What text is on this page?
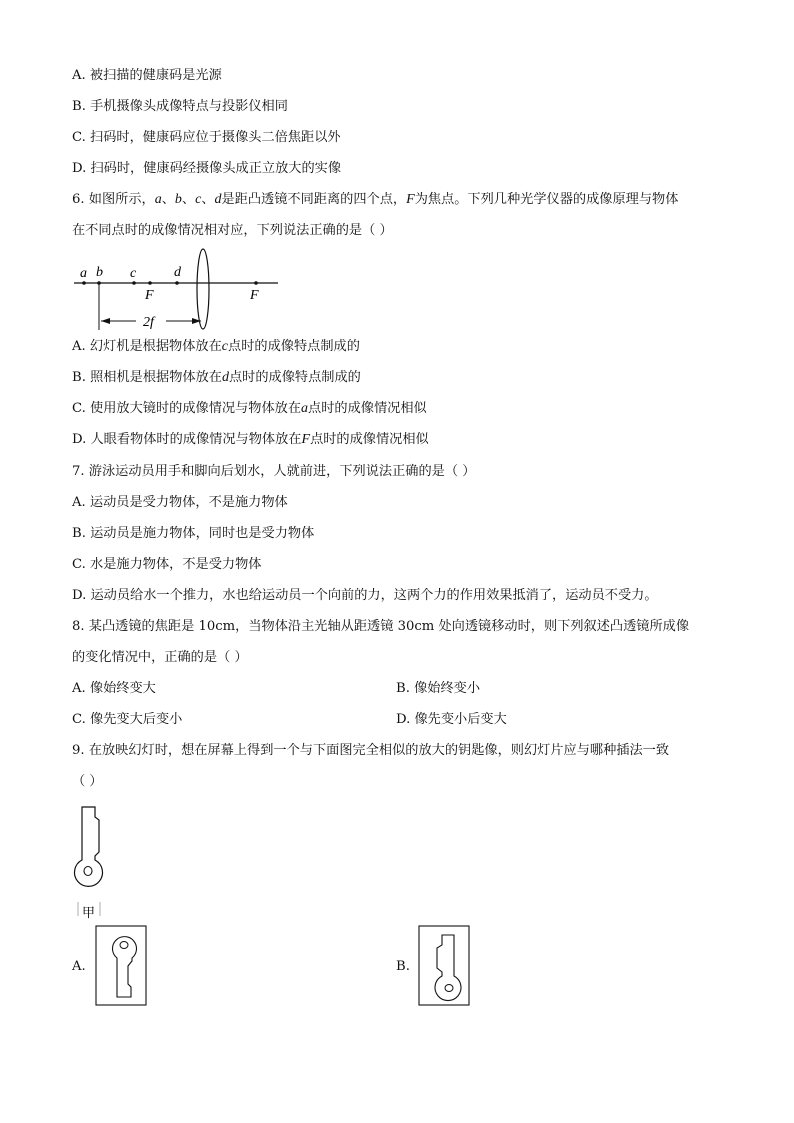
A. 被扫描的健康码是光源
B. 手机摄像头成像特点与投影仪相同
C. 扫码时，健康码应位于摄像头二倍焦距以外
D. 扫码时，健康码经摄像头成正立放大的实像
6. 如图所示，a、b、c、d是距凸透镜不同距离的四个点，F为焦点。下列几种光学仪器的成像原理与物体
在不同点时的成像情况相对应，下列说法正确的是（ ）
a b c	d
F	F
2f
A. 幻灯机是根据物体放在c点时的成像特点制成的
B. 照相机是根据物体放在d点时的成像特点制成的
C. 使用放大镜时的成像情况与物体放在a点时的成像情况相似
D. 人眼看物体时的成像情况与物体放在F点时的成像情况相似
7. 游泳运动员用手和脚向后划水，人就前进，下列说法正确的是（ ）
A. 运动员是受力物体，不是施力物体
B. 运动员是施力物体，同时也是受力物体
C. 水是施力物体，不是受力物体
D. 运动员给水一个推力，水也给运动员一个向前的力，这两个力的作用效果抵消了，运动员不受力。
8. 某凸透镜的焦距是 10cm，当物体沿主光轴从距透镜 30cm 处向透镜移动时，则下列叙述凸透镜所成像
的变化情况中，正确的是（ ）
A. 像始终变大	B. 像始终变小
C. 像先变大后变小	D. 像先变小后变大
9. 在放映幻灯时，想在屏幕上得到一个与下面图完全相似的放大的钥匙像，则幻灯片应与哪种插法一致
（ ）
甲
A.	B.
